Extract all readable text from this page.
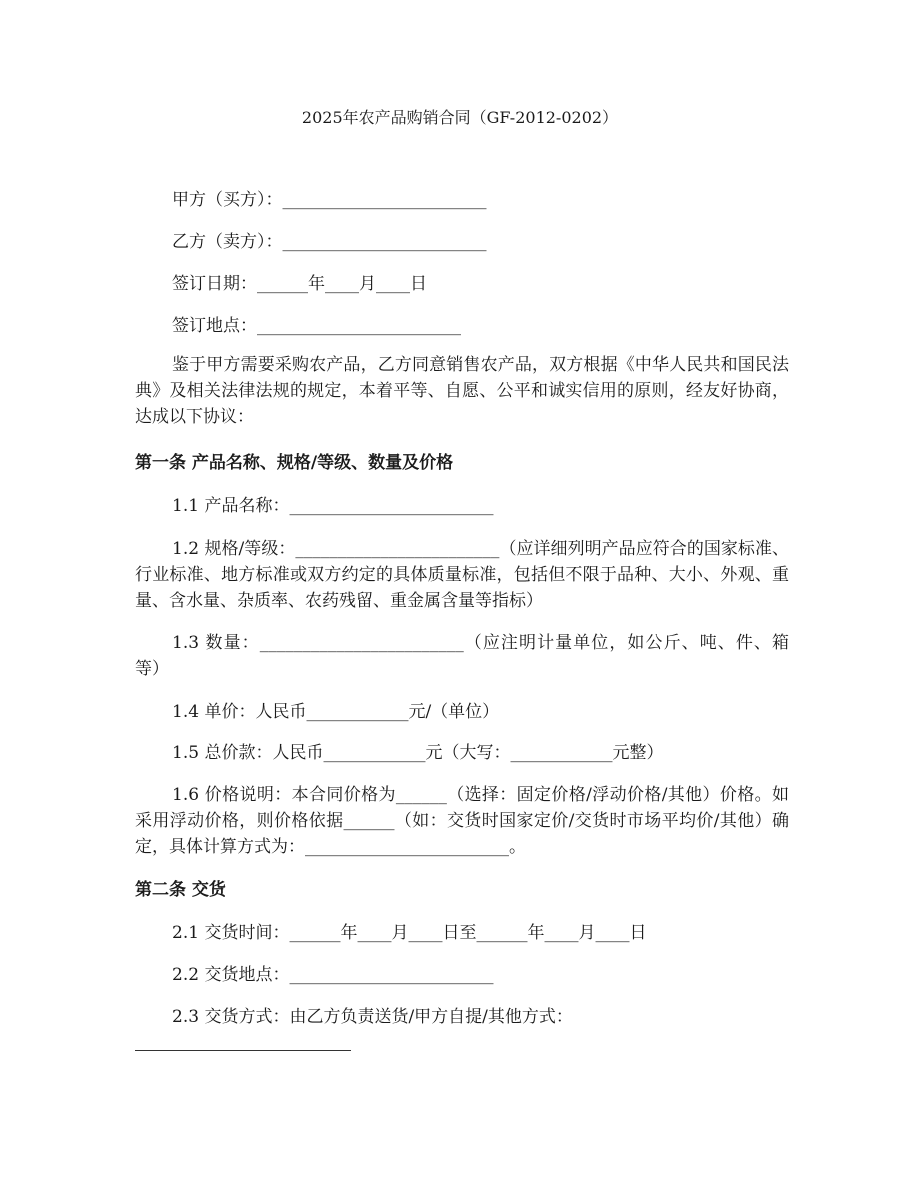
2025年农产品购销合同（GF-2012-0202）
甲方（买方）：________________________
乙方（卖方）：________________________
签订日期：______年____月____日
签订地点：________________________
鉴于甲方需要采购农产品，乙方同意销售农产品，双方根据《中华人民共和国民法典》及相关法律法规的规定，本着平等、自愿、公平和诚实信用的原则，经友好协商，达成以下协议：
第一条 产品名称、规格/等级、数量及价格
1.1 产品名称：________________________
1.2 规格/等级：________________________（应详细列明产品应符合的国家标准、行业标准、地方标准或双方约定的具体质量标准，包括但不限于品种、大小、外观、重量、含水量、杂质率、农药残留、重金属含量等指标）
1.3 数量：________________________（应注明计量单位，如公斤、吨、件、箱等）
1.4 单价：人民币____________元/（单位）
1.5 总价款：人民币____________元（大写：____________元整）
1.6 价格说明：本合同价格为______（选择：固定价格/浮动价格/其他）价格。如采用浮动价格，则价格依据______（如：交货时国家定价/交货时市场平均价/其他）确定，具体计算方式为：________________________。
第二条 交货
2.1 交货时间：______年____月____日至______年____月____日
2.2 交货地点：________________________
2.3 交货方式：由乙方负责送货/甲方自提/其他方式：
